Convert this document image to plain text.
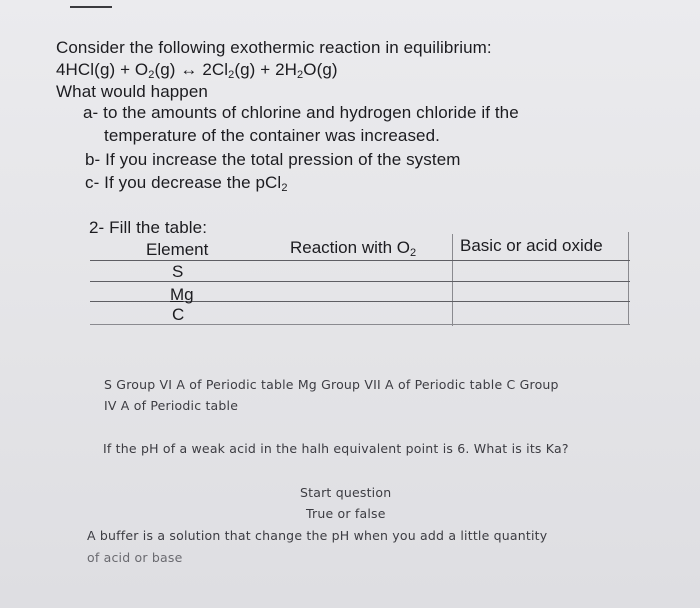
Consider the following exothermic reaction in equilibrium:
$4HCl(g) + O_2(g)$ ↔ $2Cl_2(g) + 2H_2O(g)$
What would happen
a- to the amounts of chlorine and hydrogen chloride if the
temperature of the container was increased.
b- If you increase the total pression of the system
c- If you decrease the pCl$_2$
2- Fill the table:
Element	Reaction with $O_2$	Basic or acid oxide
S
Mg
C
S Group VI A of Periodic table Mg Group VII A of Periodic table C Group
IV A of Periodic table
If the pH of a weak acid in the halh equivalent point is 6. What is its Ka?
Start question
True or false
A buffer is a solution that change the pH when you add a little quantity
of acid or base
